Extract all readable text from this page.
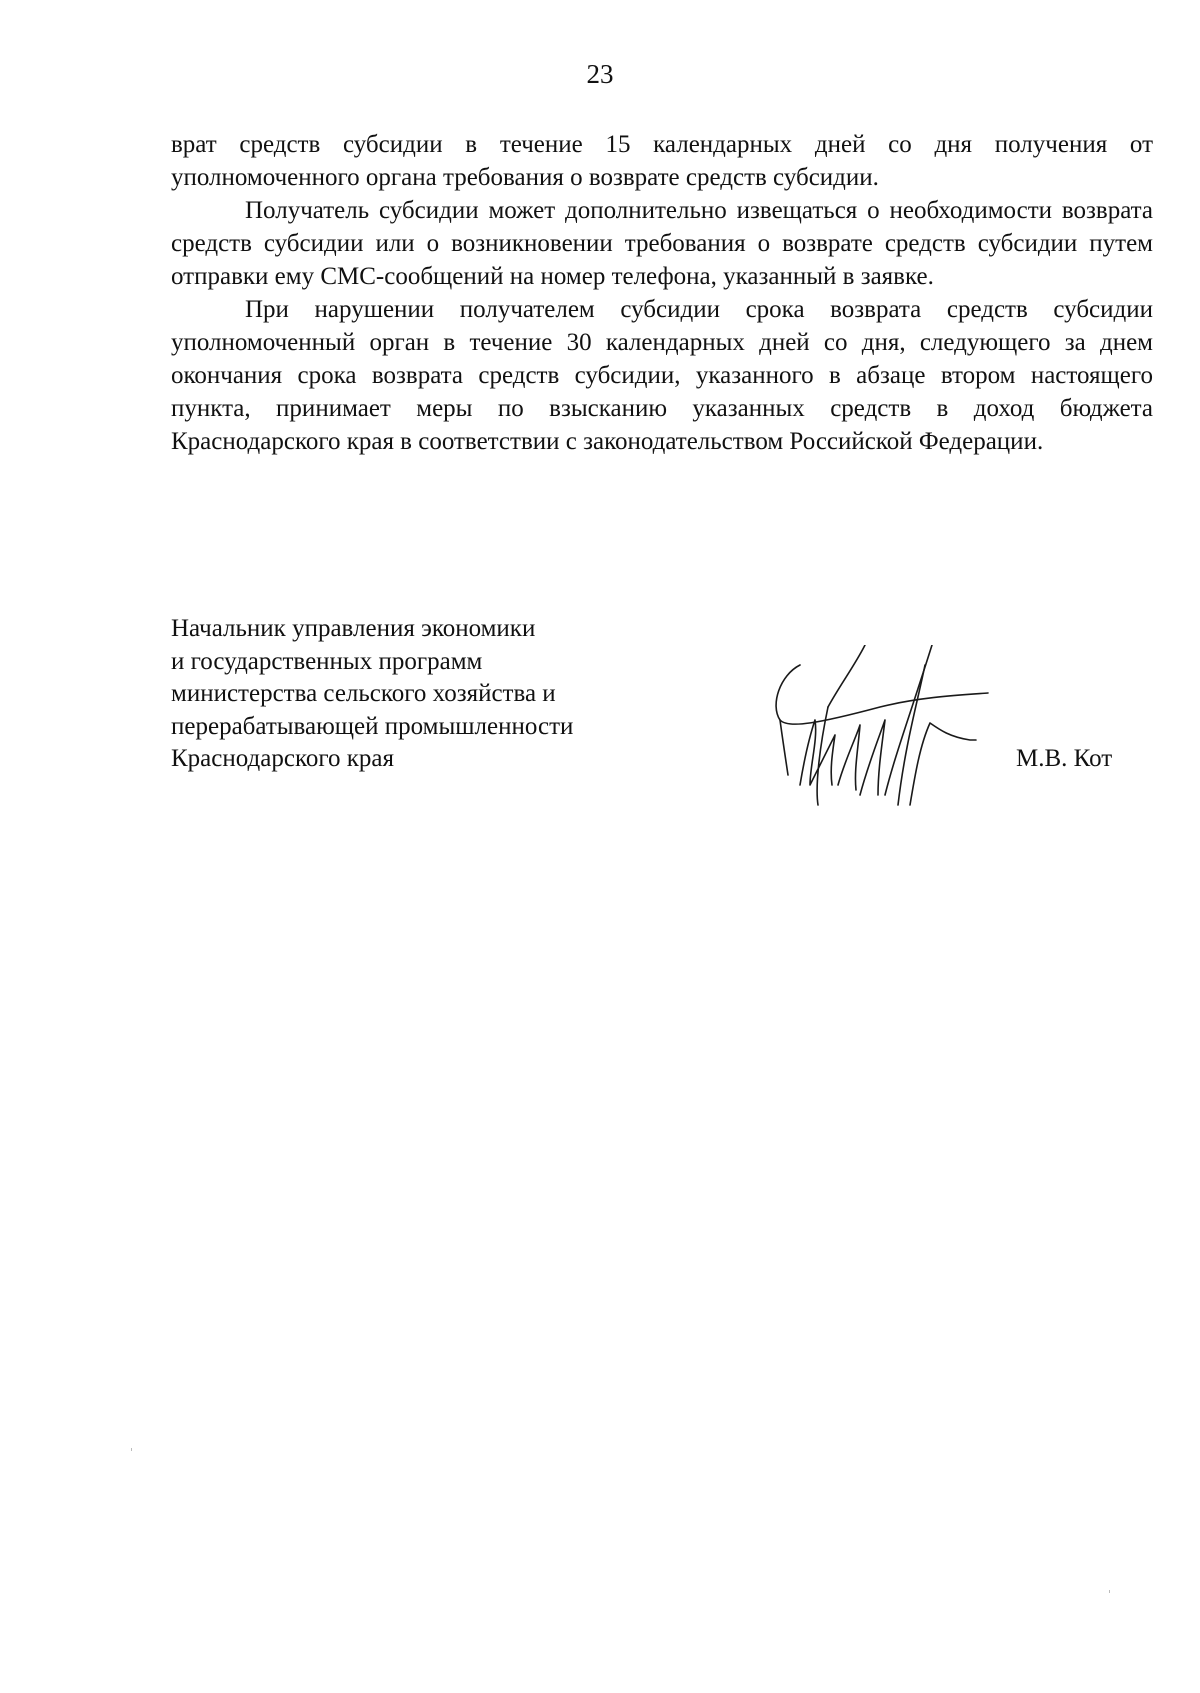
23

врат средств субсидии в течение 15 календарных дней со дня получения от уполномоченного органа требования о возврате средств субсидии.

Получатель субсидии может дополнительно извещаться о необходимости возврата средств субсидии или о возникновении требования о возврате средств субсидии путем отправки ему СМС-сообщений на номер телефона, указанный в заявке.

При нарушении получателем субсидии срока возврата средств субсидии уполномоченный орган в течение 30 календарных дней со дня, следующего за днем окончания срока возврата средств субсидии, указанного в абзаце втором настоящего пункта, принимает меры по взысканию указанных средств в доход бюджета Краснодарского края в соответствии с законодательством Российской Федерации.

Начальник управления экономики
и государственных программ
министерства сельского хозяйства и
перерабатывающей промышленности
Краснодарского края	М.В. Кот
